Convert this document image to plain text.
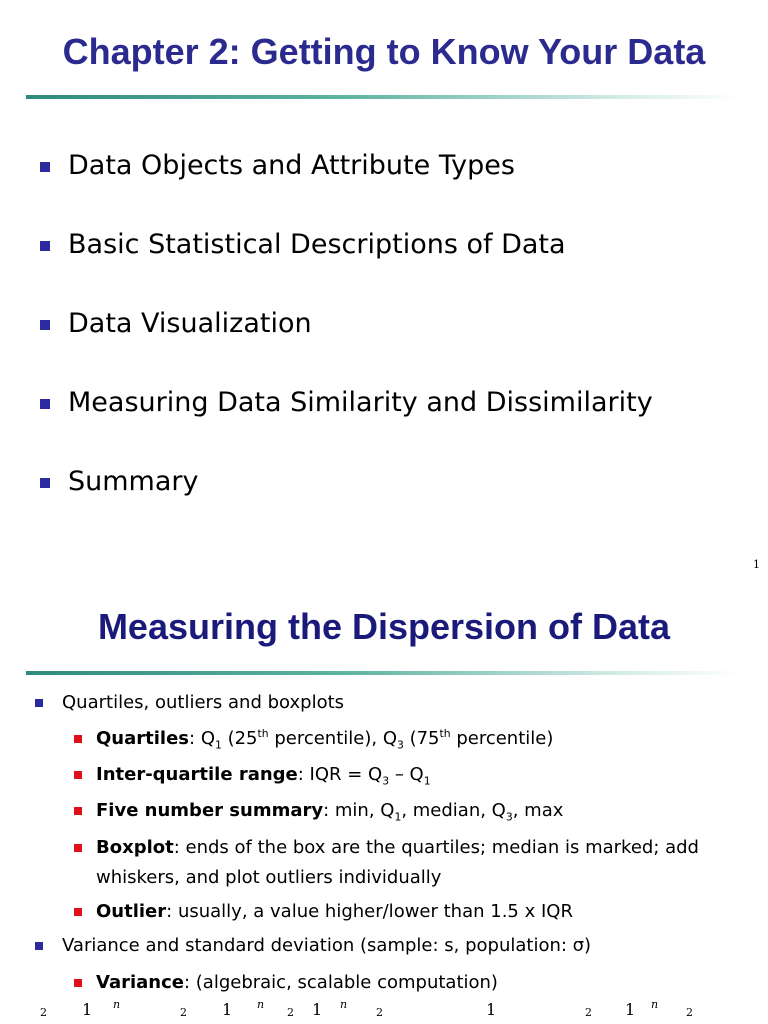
Chapter 2: Getting to Know Your Data
Data Objects and Attribute Types
Basic Statistical Descriptions of Data
Data Visualization
Measuring Data Similarity and Dissimilarity
Summary
1
Measuring the Dispersion of Data
Quartiles, outliers and boxplots
Quartiles: $Q_1$ (25th percentile), $Q_3$ (75th percentile)
Inter-quartile range: IQR = $Q_3 - Q_1$
Five number summary: min, $Q_1$, median, $Q_3$, max
Boxplot: ends of the box are the quartiles; median is marked; add
whiskers, and plot outliers individually
Outlier: usually, a value higher/lower than 1.5 x IQR
Variance and standard deviation (sample: s, population: σ)
Variance: (algebraic, scalable computation)
2 1 n
2 1 n
2 1 n
2	1	2 1 n
2
